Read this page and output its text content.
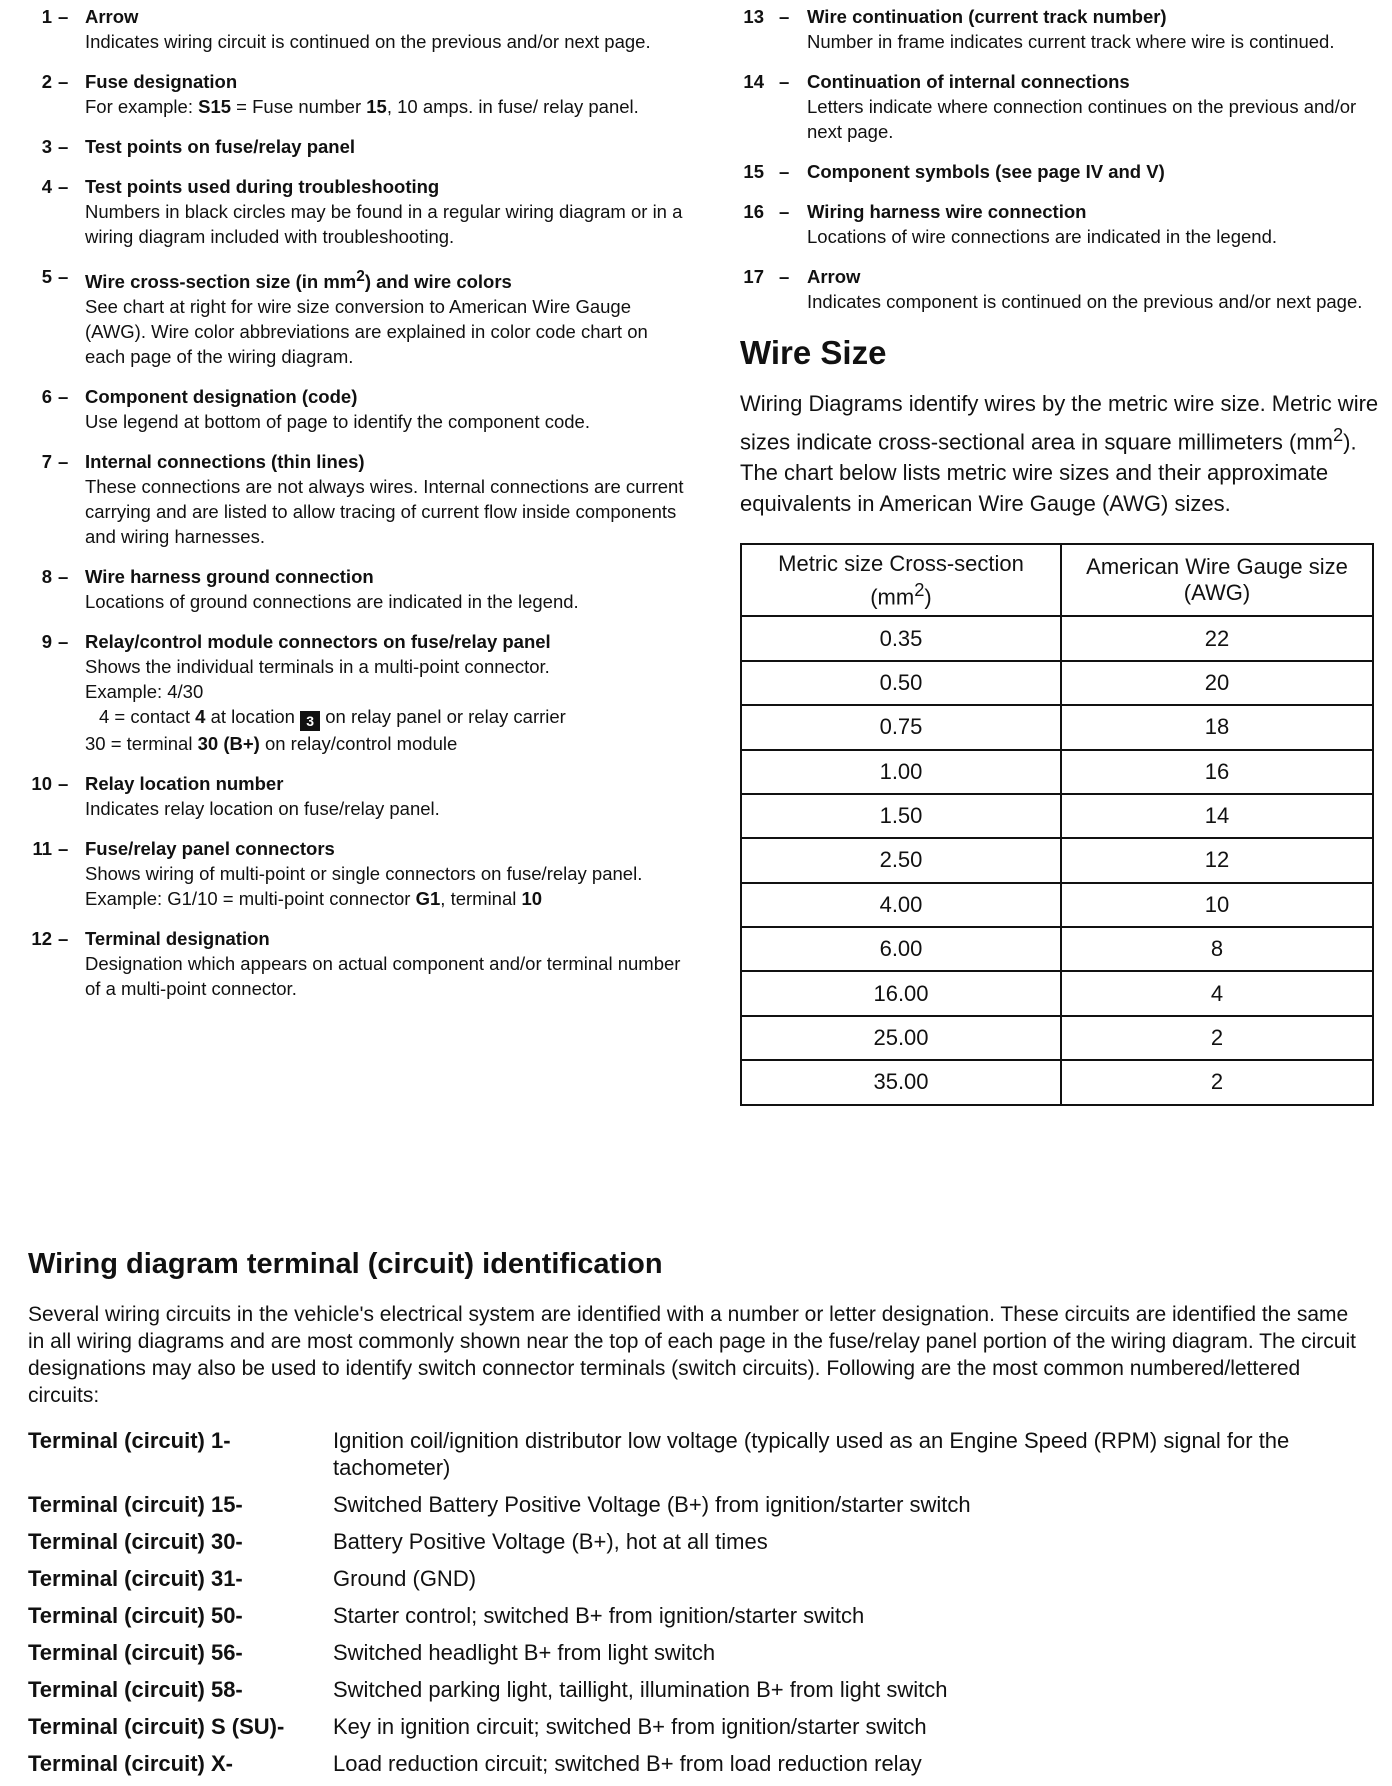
1 – Arrow
Indicates wiring circuit is continued on the previous and/or next page.
2 – Fuse designation
For example: S15 = Fuse number 15, 10 amps. in fuse/ relay panel.
3 – Test points on fuse/relay panel
4 – Test points used during troubleshooting
Numbers in black circles may be found in a regular wiring diagram or in a wiring diagram included with troubleshooting.
5 – Wire cross-section size (in $mm^2$) and wire colors
See chart at right for wire size conversion to American Wire Gauge (AWG). Wire color abbreviations are explained in color code chart on each page of the wiring diagram.
6 – Component designation (code)
Use legend at bottom of page to identify the component code.
7 – Internal connections (thin lines)
These connections are not always wires. Internal connections are current carrying and are listed to allow tracing of current flow inside components and wiring harnesses.
8 – Wire harness ground connection
Locations of ground connections are indicated in the legend.
9 – Relay/control module connectors on fuse/relay panel
Shows the individual terminals in a multi-point connector.
Example: 4/30
4 = contact 4 at location 3 on relay panel or relay carrier
30 = terminal 30 (B+) on relay/control module
10 – Relay location number
Indicates relay location on fuse/relay panel.
11 – Fuse/relay panel connectors
Shows wiring of multi-point or single connectors on fuse/relay panel.
Example: G1/10 = multi-point connector G1, terminal 10
12 – Terminal designation
Designation which appears on actual component and/or terminal number of a multi-point connector.
13 – Wire continuation (current track number)
Number in frame indicates current track where wire is continued.
14 – Continuation of internal connections
Letters indicate where connection continues on the previous and/or next page.
15 – Component symbols (see page IV and V)
16 – Wiring harness wire connection
Locations of wire connections are indicated in the legend.
17 – Arrow
Indicates component is continued on the previous and/or next page.
Wire Size

Wiring Diagrams identify wires by the metric wire size. Metric wire sizes indicate cross-sectional area in square millimeters $(mm^2)$. The chart below lists metric wire sizes and their approximate equivalents in American Wire Gauge (AWG) sizes.

Metric size Cross-section
$(mm^2)$	American Wire Gauge size
(AWG)
0.35	22
0.50	20
0.75	18
1.00	16
1.50	14
2.50	12
4.00	10
6.00	8
16.00	4
25.00	2
35.00	2
Wiring diagram terminal (circuit) identification

Several wiring circuits in the vehicle's electrical system are identified with a number or letter designation. These circuits are identified the same in all wiring diagrams and are most commonly shown near the top of each page in the fuse/relay panel portion of the wiring diagram. The circuit designations may also be used to identify switch connector terminals (switch circuits). Following are the most common numbered/lettered circuits:

Terminal (circuit) 1-	Ignition coil/ignition distributor low voltage (typically used as an Engine Speed (RPM) signal for the tachometer)
Terminal (circuit) 15-	Switched Battery Positive Voltage (B+) from ignition/starter switch
Terminal (circuit) 30-	Battery Positive Voltage (B+), hot at all times
Terminal (circuit) 31-	Ground (GND)
Terminal (circuit) 50-	Starter control; switched B+ from ignition/starter switch
Terminal (circuit) 56-	Switched headlight B+ from light switch
Terminal (circuit) 58-	Switched parking light, taillight, illumination B+ from light switch
Terminal (circuit) S (SU)-	Key in ignition circuit; switched B+ from ignition/starter switch
Terminal (circuit) X-	Load reduction circuit; switched B+ from load reduction relay
